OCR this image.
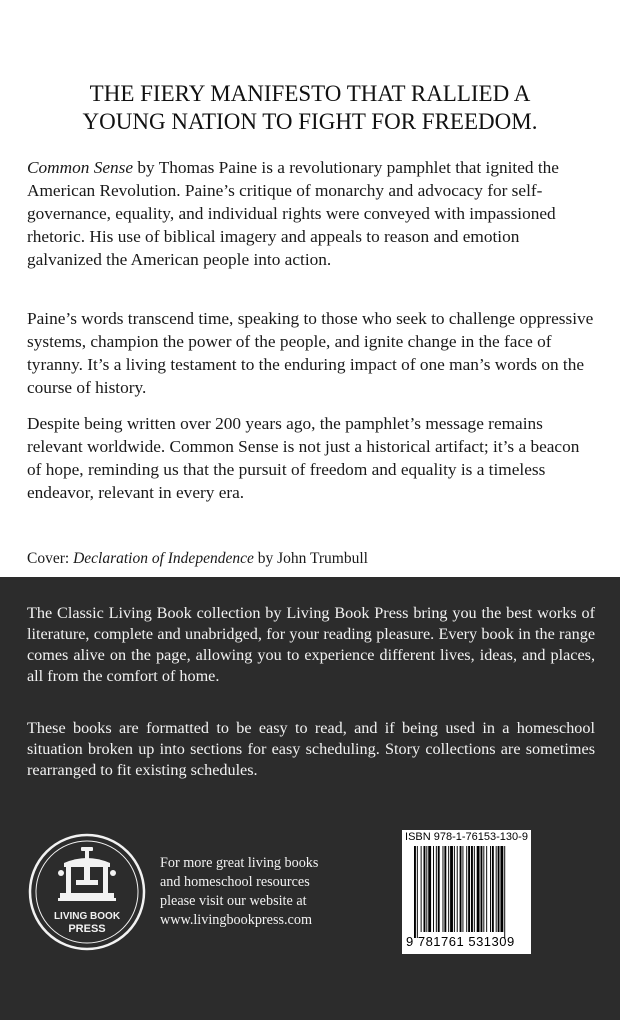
THE FIERY MANIFESTO THAT RALLIED A
YOUNG NATION TO FIGHT FOR FREEDOM.

Common Sense by Thomas Paine is a revolutionary pamphlet that ignited the American Revolution. Paine’s critique of monarchy and advocacy for self-governance, equality, and individual rights were conveyed with impassioned rhetoric. His use of biblical imagery and appeals to reason and emotion galvanized the American people into action.

Paine’s words transcend time, speaking to those who seek to challenge oppressive systems, champion the power of the people, and ignite change in the face of tyranny. It’s a living testament to the enduring impact of one man’s words on the course of history.

Despite being written over 200 years ago, the pamphlet’s message remains relevant worldwide. Common Sense is not just a historical artifact; it’s a beacon of hope, reminding us that the pursuit of freedom and equality is a timeless endeavor, relevant in every era.

Cover: Declaration of Independence by John Trumbull

The Classic Living Book collection by Living Book Press bring you the best works of literature, complete and unabridged, for your reading pleasure. Every book in the range comes alive on the page, allowing you to experience different lives, ideas, and places, all from the comfort of home.

These books are formatted to be easy to read, and if being used in a homeschool situation broken up into sections for easy scheduling. Story collections are sometimes rearranged to fit existing schedules.

LIVING BOOK
PRESS
For more great living books
and homeschool resources
please visit our website at
www.livingbookpress.com
ISBN 978-1-76153-130-9
9 781761 531309
